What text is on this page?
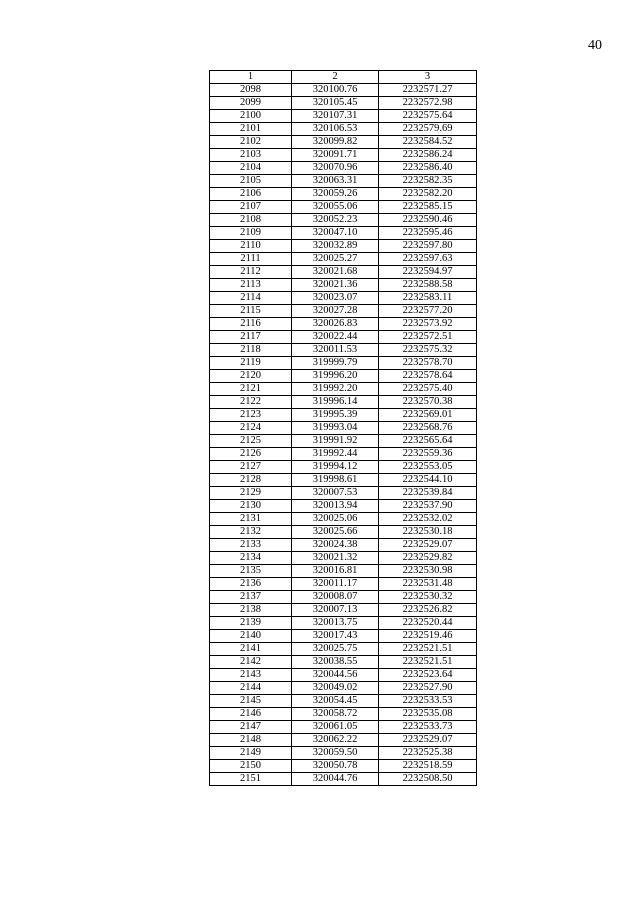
40
1	2	3
2098	320100.76	2232571.27
2099	320105.45	2232572.98
2100	320107.31	2232575.64
2101	320106.53	2232579.69
2102	320099.82	2232584.52
2103	320091.71	2232586.24
2104	320070.96	2232586.40
2105	320063.31	2232582.35
2106	320059.26	2232582.20
2107	320055.06	2232585.15
2108	320052.23	2232590.46
2109	320047.10	2232595.46
2110	320032.89	2232597.80
2111	320025.27	2232597.63
2112	320021.68	2232594.97
2113	320021.36	2232588.58
2114	320023.07	2232583.11
2115	320027.28	2232577.20
2116	320026.83	2232573.92
2117	320022.44	2232572.51
2118	320011.53	2232575.32
2119	319999.79	2232578.70
2120	319996.20	2232578.64
2121	319992.20	2232575.40
2122	319996.14	2232570.38
2123	319995.39	2232569.01
2124	319993.04	2232568.76
2125	319991.92	2232565.64
2126	319992.44	2232559.36
2127	319994.12	2232553.05
2128	319998.61	2232544.10
2129	320007.53	2232539.84
2130	320013.94	2232537.90
2131	320025.06	2232532.02
2132	320025.66	2232530.18
2133	320024.38	2232529.07
2134	320021.32	2232529.82
2135	320016.81	2232530.98
2136	320011.17	2232531.48
2137	320008.07	2232530.32
2138	320007.13	2232526.82
2139	320013.75	2232520.44
2140	320017.43	2232519.46
2141	320025.75	2232521.51
2142	320038.55	2232521.51
2143	320044.56	2232523.64
2144	320049.02	2232527.90
2145	320054.45	2232533.53
2146	320058.72	2232535.08
2147	320061.05	2232533.73
2148	320062.22	2232529.07
2149	320059.50	2232525.38
2150	320050.78	2232518.59
2151	320044.76	2232508.50
